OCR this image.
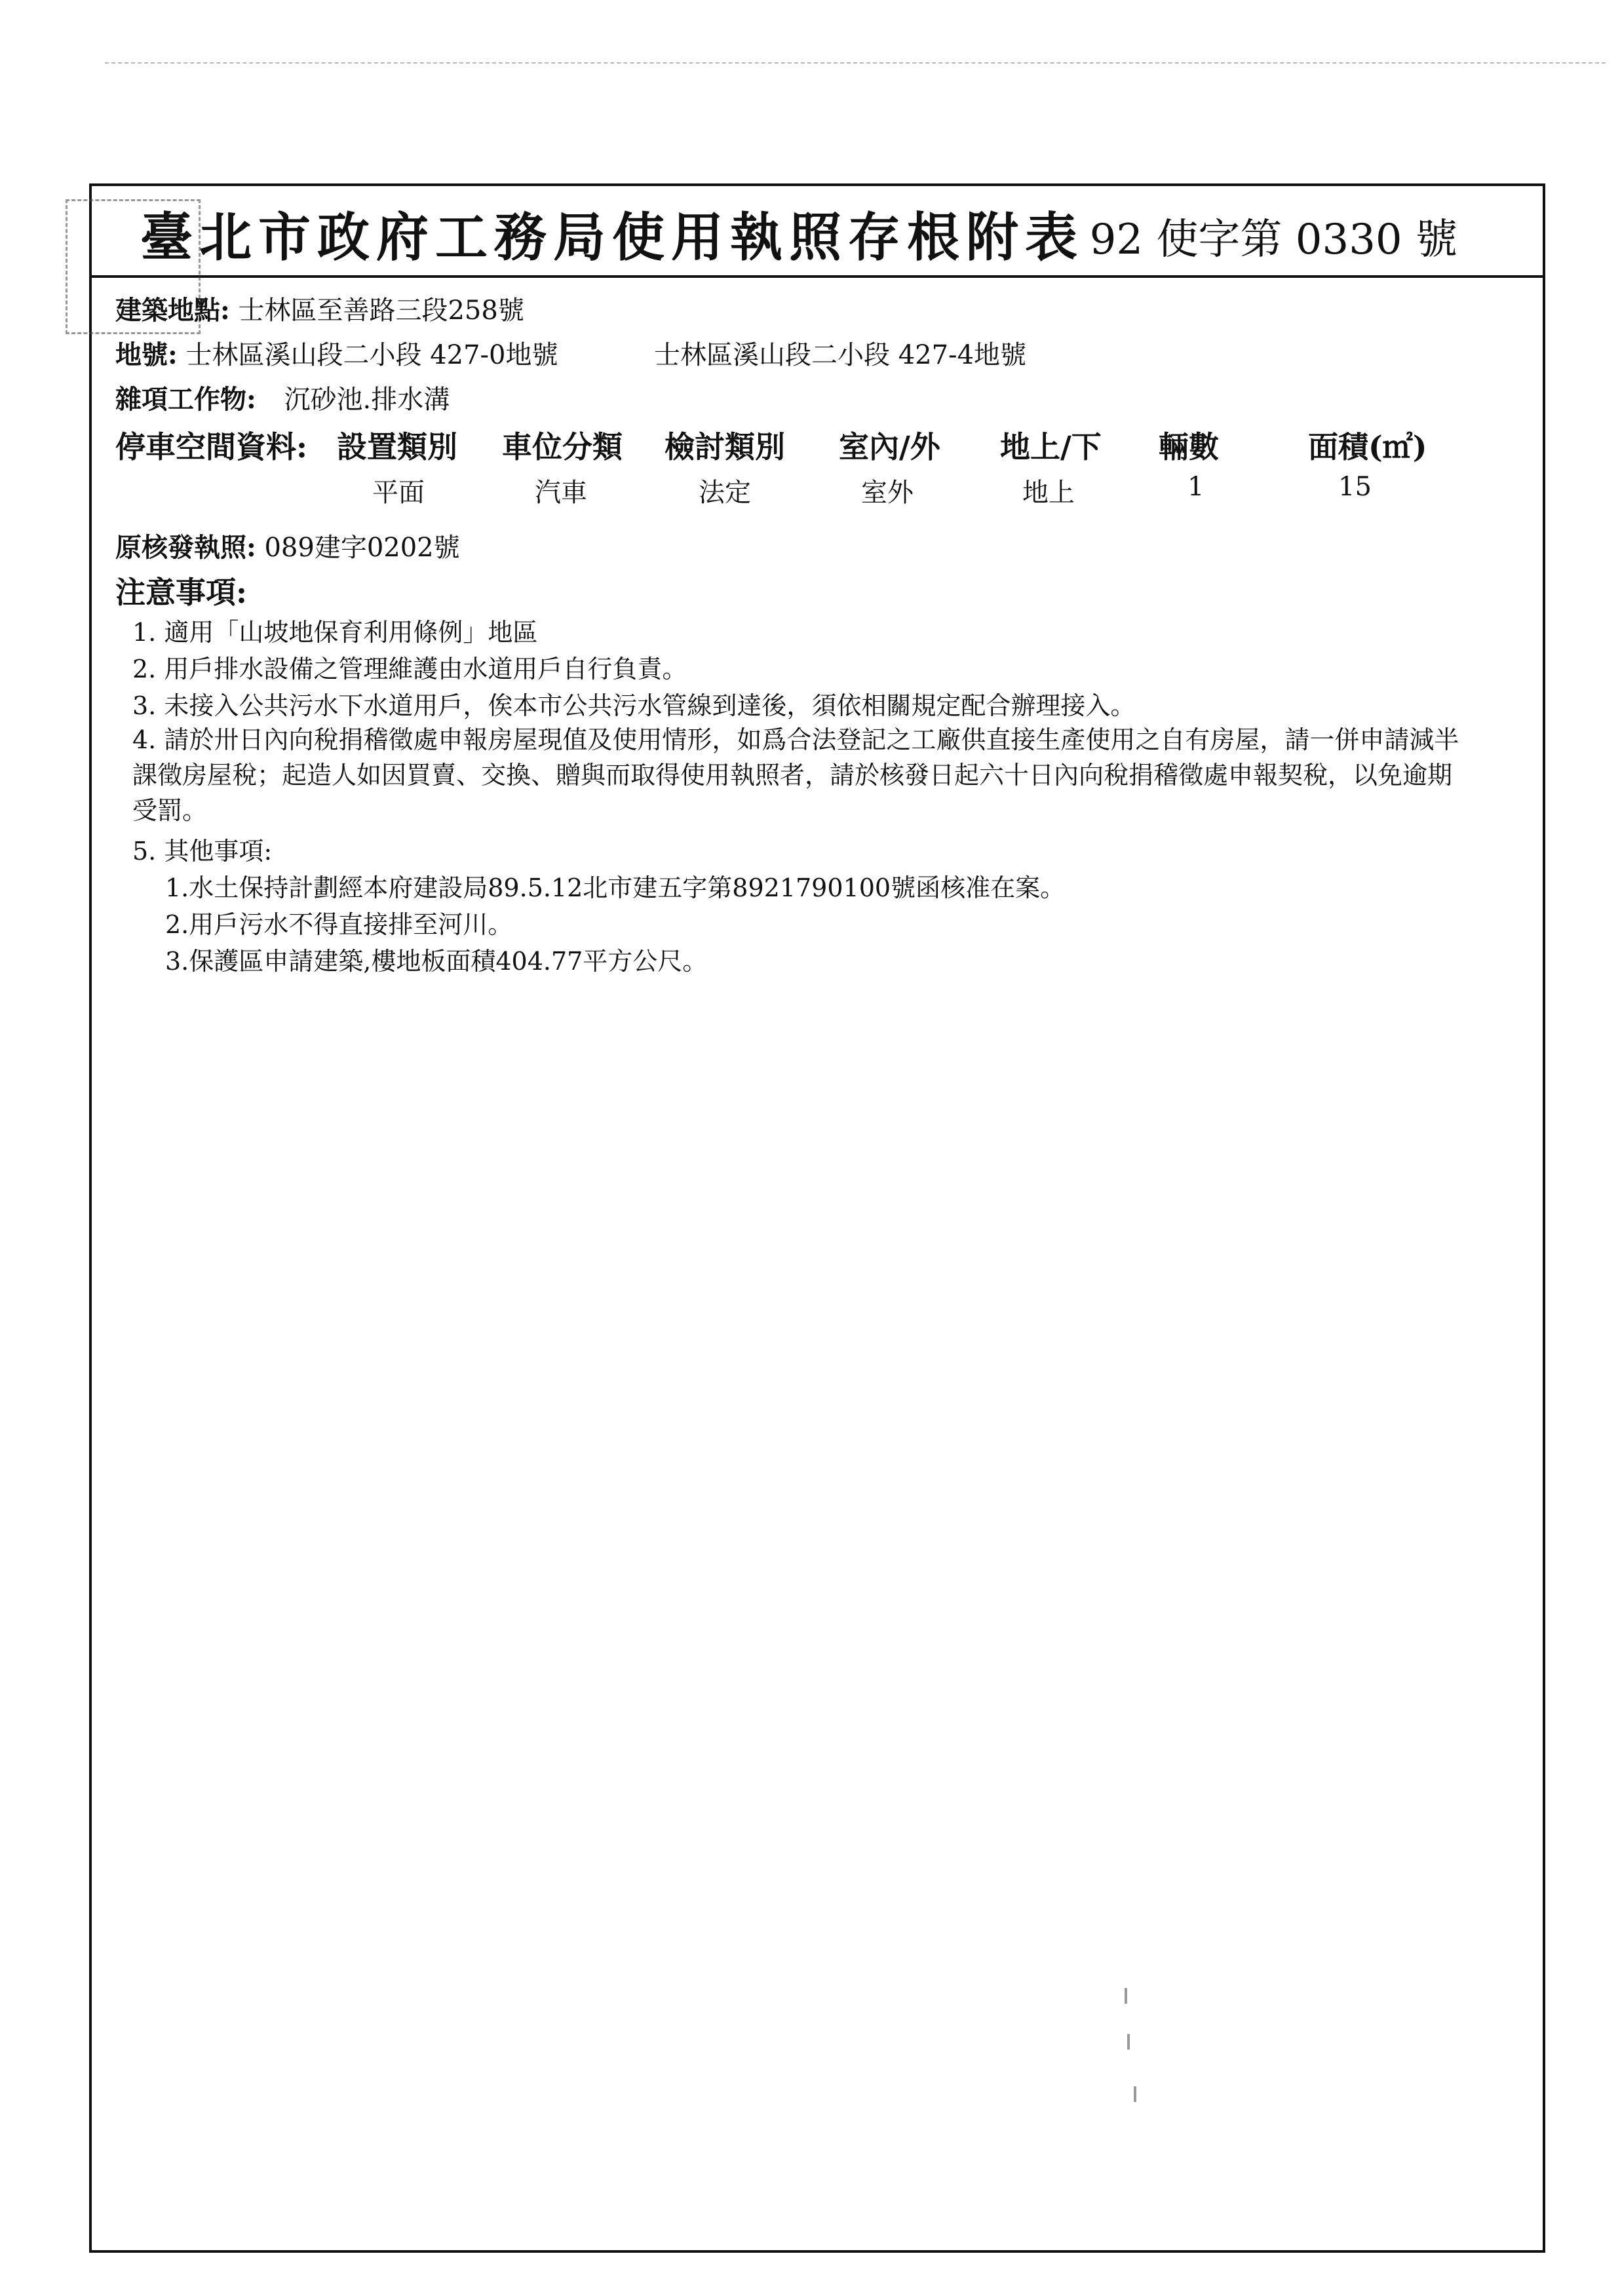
臺北市政府工務局使用執照存根附表 92 使字第 0330 號
建築地點: 士林區至善路三段258號
地號: 士林區溪山段二小段 427-0地號	士林區溪山段二小段 427-4地號
雜項工作物: 沉砂池.排水溝
停車空間資料: 設置類別 車位分類 檢討類別 室內/外 地上/下 輛數	面積(㎡)
平面	汽車	法定	室外	地上	1	15
原核發執照: 089建字0202號
注意事項:
1. 適用「山坡地保育利用條例」地區
2. 用戶排水設備之管理維護由水道用戶自行負責。
3. 未接入公共污水下水道用戶，俟本市公共污水管線到達後，須依相關規定配合辦理接入。
4. 請於卅日內向稅捐稽徵處申報房屋現值及使用情形，如爲合法登記之工廠供直接生產使用之自有房屋，請一併申請減半課徵房屋稅；起造人如因買賣、交換、贈與而取得使用執照者，請於核發日起六十日內向稅捐稽徵處申報契稅，以免逾期受罰。
5. 其他事項:
1.水土保持計劃經本府建設局89.5.12北市建五字第8921790100號函核准在案。
2.用戶污水不得直接排至河川。
3.保護區申請建築,樓地板面積404.77平方公尺。
